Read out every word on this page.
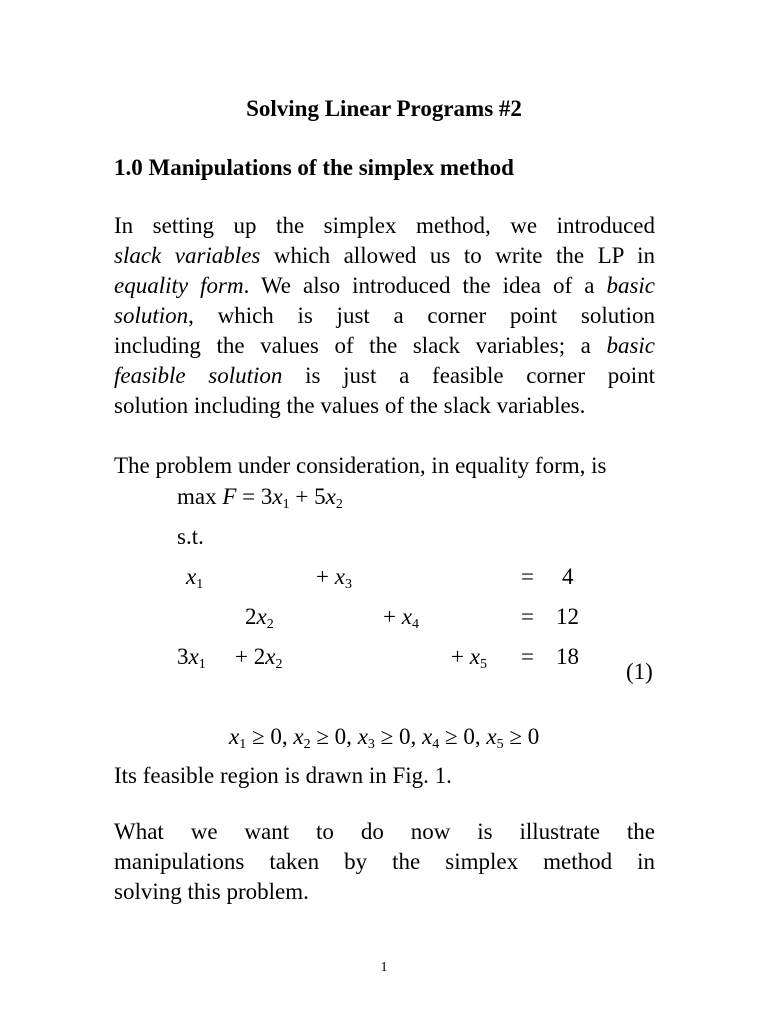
Solving Linear Programs #2
1.0 Manipulations of the simplex method
In setting up the simplex method, we introduced
slack variables which allowed us to write the LP in
equality form. We also introduced the idea of a basic
solution, which is just a corner point solution
including the values of the slack variables; a basic
feasible solution is just a feasible corner point
solution including the values of the slack variables.
The problem under consideration, in equality form, is
$\max F = 3x_1 + 5x_2$
s.t.
$x_1$	+ $x_3$	= 4
$2x_2$	+ $x_4$	= 12
$3x_1 + 2x_2$	+ $x_5 = 18$
(1)
$x_1 \ge 0$, $x_2 \ge 0$, $x_3 \ge 0$, $x_4 \ge 0$, $x_5 \ge 0$
Its feasible region is drawn in Fig. 1.
What we want to do now is illustrate the
manipulations taken by the simplex method in
solving this problem.
1
